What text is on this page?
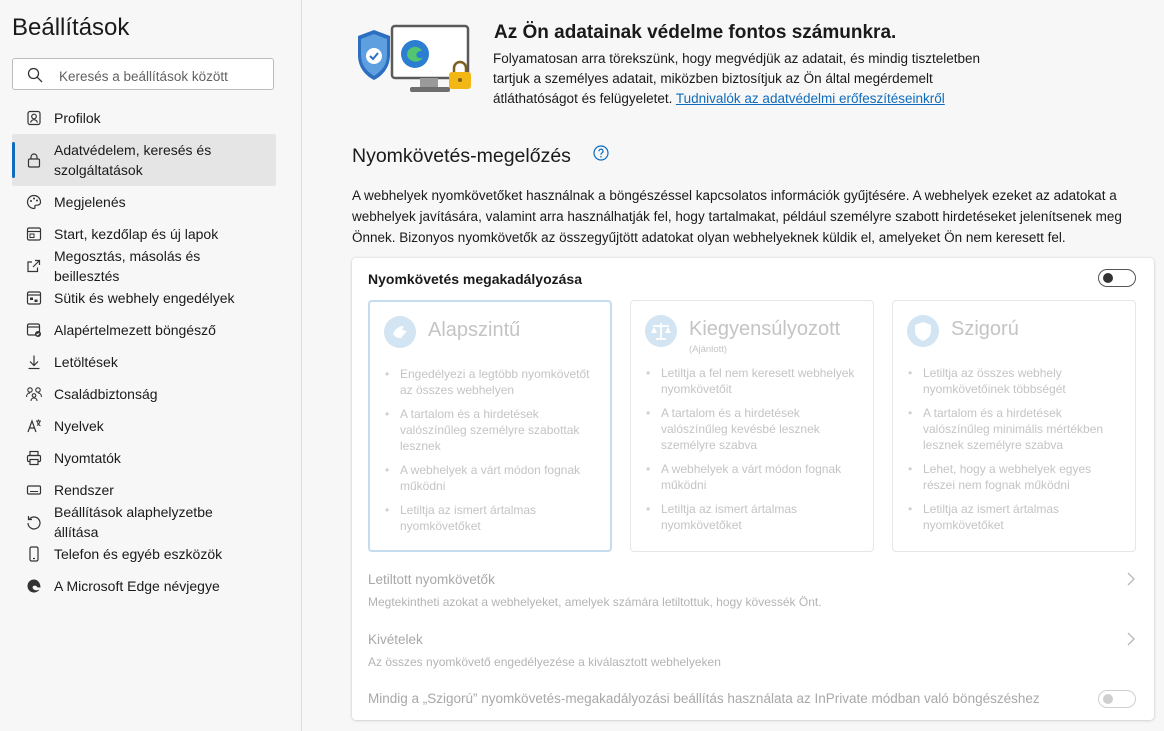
Beállítások
Keresés a beállítások között
Profilok
Adatvédelem, keresés és szolgáltatások
Megjelenés
Start, kezdőlap és új lapok
Megosztás, másolás és beillesztés
Sütik és webhely engedélyek
Alapértelmezett böngésző
Letöltések
Családbiztonság
Nyelvek
Nyomtatók
Rendszer
Beállítások alaphelyzetbe állítása
Telefon és egyéb eszközök
A Microsoft Edge névjegye
Az Ön adatainak védelme fontos számunkra.
Folyamatosan arra törekszünk, hogy megvédjük az adatait, és mindig tiszteletben tartjuk a személyes adatait, miközben biztosítjuk az Ön által megérdemelt átláthatóságot és felügyeletet. Tudnivalók az adatvédelmi erőfeszítéseinkről
Nyomkövetés-megelőzés
A webhelyek nyomkövetőket használnak a böngészéssel kapcsolatos információk gyűjtésére. A webhelyek ezeket az adatokat a webhelyek javítására, valamint arra használhatják fel, hogy tartalmakat, például személyre szabott hirdetéseket jelenítsenek meg Önnek. Bizonyos nyomkövetők az összegyűjtött adatokat olyan webhelyeknek küldik el, amelyeket Ön nem keresett fel.
Nyomkövetés megakadályozása
Alapszintű
• Engedélyezi a legtöbb nyomkövetőt az összes webhelyen
• A tartalom és a hirdetések valószínűleg személyre szabottak lesznek
• A webhelyek a várt módon fognak működni
• Letiltja az ismert ártalmas nyomkövetőket
Kiegyensúlyozott
(Ajánlott)
• Letiltja a fel nem keresett webhelyek nyomkövetőit
• A tartalom és a hirdetések valószínűleg kevésbé lesznek személyre szabva
• A webhelyek a várt módon fognak működni
• Letiltja az ismert ártalmas nyomkövetőket
Szigorú
• Letiltja az összes webhely nyomkövetőinek többségét
• A tartalom és a hirdetések valószínűleg minimális mértékben lesznek személyre szabva
• Lehet, hogy a webhelyek egyes részei nem fognak működni
• Letiltja az ismert ártalmas nyomkövetőket
Letiltott nyomkövetők
Megtekintheti azokat a webhelyeket, amelyek számára letiltottuk, hogy kövessék Önt.
Kivételek
Az összes nyomkövető engedélyezése a kiválasztott webhelyeken
Mindig a „Szigorú” nyomkövetés-megakadályozási beállítás használata az InPrivate módban való böngészéshez
